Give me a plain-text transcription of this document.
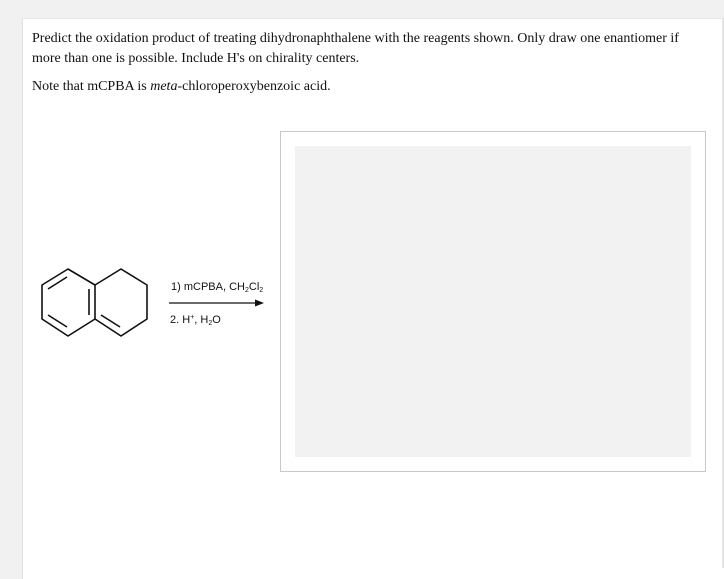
Predict the oxidation product of treating dihydronaphthalene with the reagents shown. Only draw one enantiomer if more than one is possible. Include H's on chirality centers.

Note that mCPBA is meta-chloroperoxybenzoic acid.

1) mCPBA, $CH_2Cl_2$
2. H+, $H_2O$
